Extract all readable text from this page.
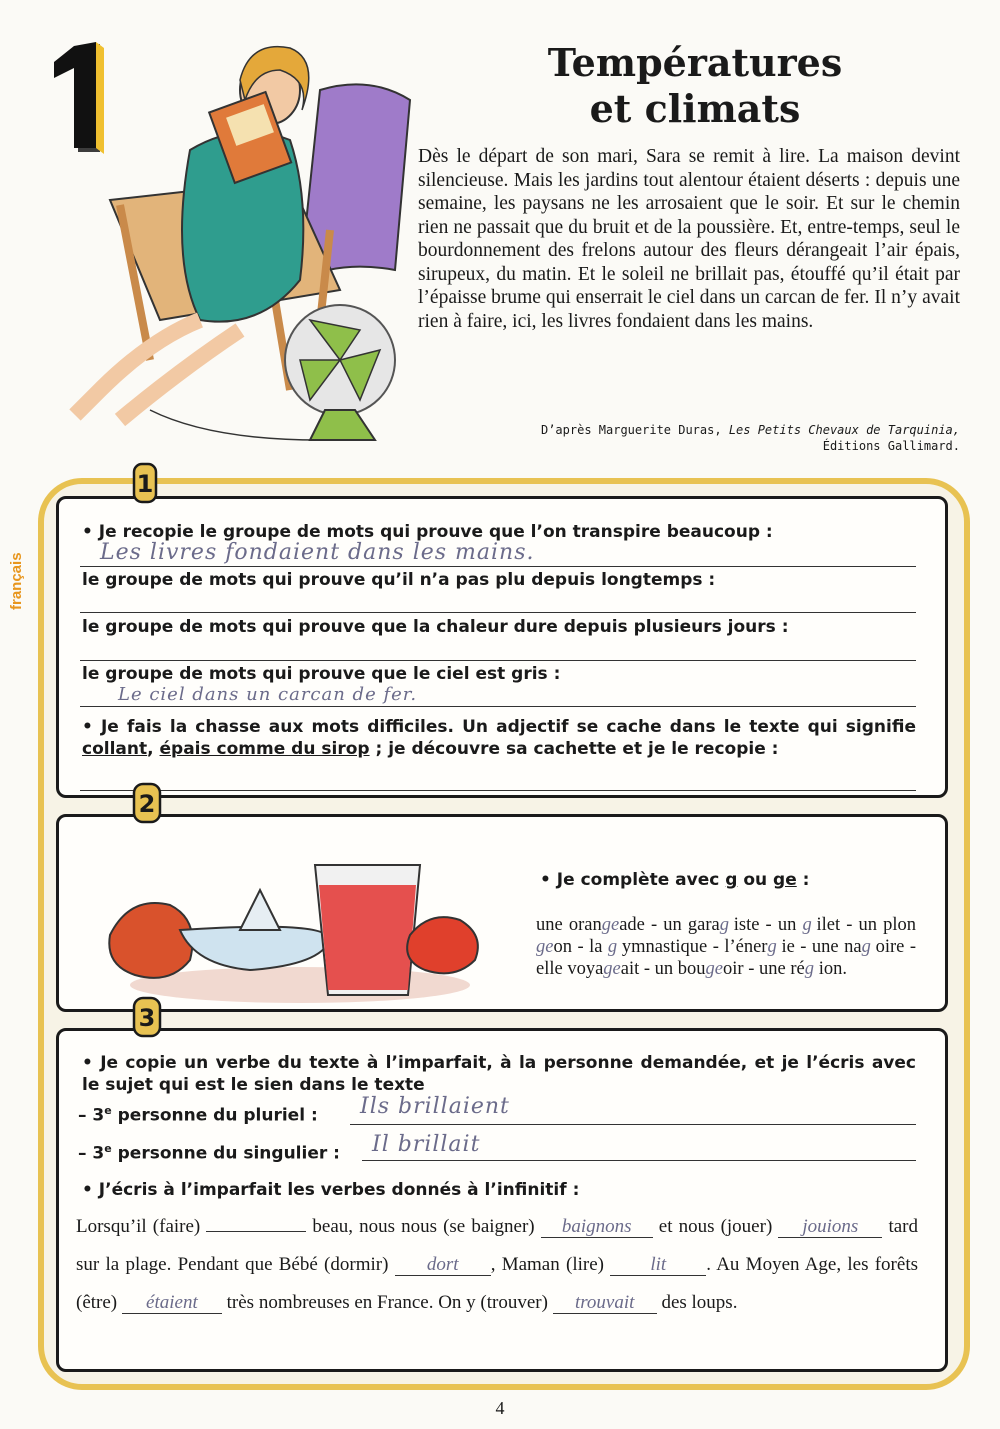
Températures
et climats

Dès le départ de son mari, Sara se remit à lire. La maison devint silencieuse. Mais les jardins tout alentour étaient déserts : depuis une semaine, les paysans ne les arrosaient que le soir. Et sur le chemin rien ne passait que du bruit et de la poussière. Et, entre-temps, seul le bourdonnement des frelons autour des fleurs dérangeait l’air épais, sirupeux, du matin. Et le soleil ne brillait pas, étouffé qu’il était par l’épaisse brume qui enserrait le ciel dans un carcan de fer. Il n’y avait rien à faire, ici, les livres fondaient dans les mains.

D’après Marguerite Duras, Les Petits Chevaux de Tarquinia,
Éditions Gallimard.
français
1
• Je recopie le groupe de mots qui prouve que l’on transpire beaucoup :
Les livres fondaient dans les mains.
le groupe de mots qui prouve qu’il n’a pas plu depuis longtemps :
le groupe de mots qui prouve que la chaleur dure depuis plusieurs jours :
le groupe de mots qui prouve que le ciel est gris :
Le ciel dans un carcan de fer.
• Je fais la chasse aux mots difficiles. Un adjectif se cache dans le texte qui signifie collant, épais comme du sirop ; je découvre sa cachette et je le recopie :
2
• Je complète avec g ou ge :
une orangeade - un garag iste - un g ilet - un plongeon - la g ymnastique - l’énerg ie - une nag oire - elle voyageait - un bougeoir - une rég ion.
3
• Je copie un verbe du texte à l’imparfait, à la personne demandée, et je l’écris avec le sujet qui est le sien dans le texte
– 3e personne du pluriel : Ils brillaient
– 3e personne du singulier : Il brillait
• J’écris à l’imparfait les verbes donnés à l’infinitif :
Lorsqu’il (faire)	beau, nous nous (se baigner) baignons et nous (jouer) jouions tard sur la plage. Pendant que Bébé (dormir) dort , Maman (lire) lit . Au Moyen Age, les forêts (être) étaient très nombreuses en France. On y (trouver) trouvait des loups.
4
